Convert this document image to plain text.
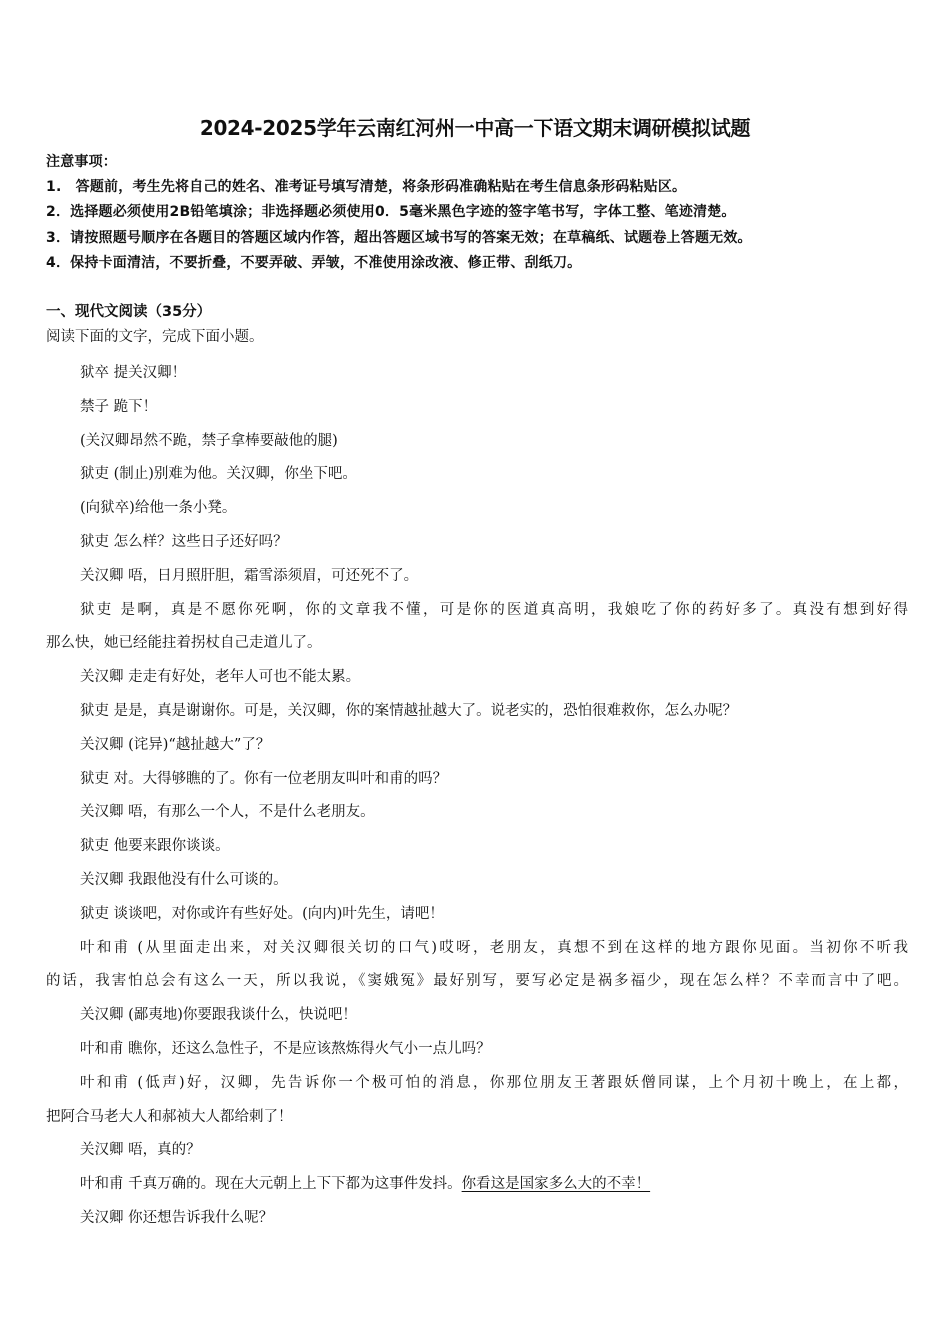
2024-2025学年云南红河州一中高一下语文期末调研模拟试题
注意事项：
1.　答题前，考生先将自己的姓名、准考证号填写清楚，将条形码准确粘贴在考生信息条形码粘贴区。
2．选择题必须使用2B铅笔填涂；非选择题必须使用0．5毫米黑色字迹的签字笔书写，字体工整、笔迹清楚。
3．请按照题号顺序在各题目的答题区域内作答，超出答题区域书写的答案无效；在草稿纸、试题卷上答题无效。
4．保持卡面清洁，不要折叠，不要弄破、弄皱，不准使用涂改液、修正带、刮纸刀。
一、现代文阅读（35分）
阅读下面的文字，完成下面小题。
狱卒 提关汉卿！
禁子 跪下！
(关汉卿昂然不跪，禁子拿棒要敲他的腿)
狱吏 (制止)别难为他。关汉卿，你坐下吧。
(向狱卒)给他一条小凳。
狱吏 怎么样？这些日子还好吗？
关汉卿 唔，日月照肝胆，霜雪添须眉，可还死不了。
狱吏 是啊，真是不愿你死啊，你的文章我不懂，可是你的医道真高明，我娘吃了你的药好多了。真没有想到好得
那么快，她已经能拄着拐杖自己走道儿了。
关汉卿 走走有好处，老年人可也不能太累。
狱吏 是是，真是谢谢你。可是，关汉卿，你的案情越扯越大了。说老实的，恐怕很难救你，怎么办呢？
关汉卿 (诧异)“越扯越大”了？
狱吏 对。大得够瞧的了。你有一位老朋友叫叶和甫的吗？
关汉卿 唔，有那么一个人，不是什么老朋友。
狱吏 他要来跟你谈谈。
关汉卿 我跟他没有什么可谈的。
狱吏 谈谈吧，对你或许有些好处。(向内)叶先生，请吧！
叶和甫 (从里面走出来，对关汉卿很关切的口气)哎呀，老朋友，真想不到在这样的地方跟你见面。当初你不听我
的话，我害怕总会有这么一天，所以我说，《窦娥冤》最好别写，要写必定是祸多福少，现在怎么样？不幸而言中了吧。
关汉卿 (鄙夷地)你要跟我谈什么，快说吧！
叶和甫 瞧你，还这么急性子，不是应该熬炼得火气小一点儿吗？
叶和甫 (低声)好，汉卿，先告诉你一个极可怕的消息，你那位朋友王著跟妖僧同谋，上个月初十晚上，在上都，
把阿合马老大人和郝祯大人都给刺了！
关汉卿 唔，真的？
叶和甫 千真万确的。现在大元朝上上下下都为这事件发抖。你看这是国家多么大的不幸！
关汉卿 你还想告诉我什么呢？
